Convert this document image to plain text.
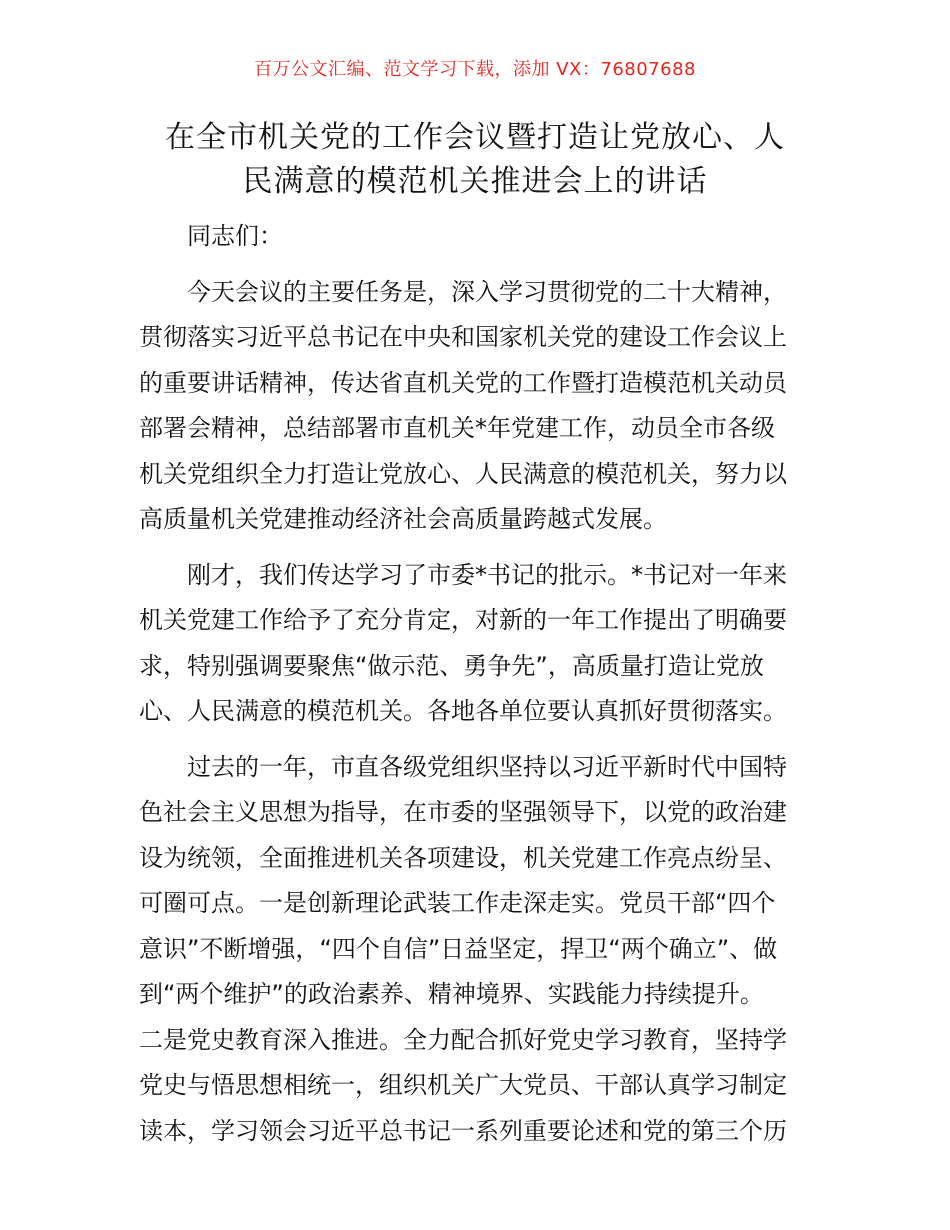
百万公文汇编、范文学习下载，添加 VX：76807688
在全市机关党的工作会议暨打造让党放心、人
民满意的模范机关推进会上的讲话

同志们：

今天会议的主要任务是，深入学习贯彻党的二十大精神，
贯彻落实习近平总书记在中央和国家机关党的建设工作会议上
的重要讲话精神，传达省直机关党的工作暨打造模范机关动员
部署会精神，总结部署市直机关*年党建工作，动员全市各级
机关党组织全力打造让党放心、人民满意的模范机关，努力以
高质量机关党建推动经济社会高质量跨越式发展。

刚才，我们传达学习了市委*书记的批示。*书记对一年来
机关党建工作给予了充分肯定，对新的一年工作提出了明确要
求，特别强调要聚焦“做示范、勇争先”，高质量打造让党放
心、人民满意的模范机关。各地各单位要认真抓好贯彻落实。

过去的一年，市直各级党组织坚持以习近平新时代中国特
色社会主义思想为指导，在市委的坚强领导下，以党的政治建
设为统领，全面推进机关各项建设，机关党建工作亮点纷呈、
可圈可点。一是创新理论武装工作走深走实。党员干部“四个
意识”不断增强，“四个自信”日益坚定，捍卫“两个确立”、做
到“两个维护”的政治素养、精神境界、实践能力持续提升。
二是党史教育深入推进。全力配合抓好党史学习教育，坚持学
党史与悟思想相统一，组织机关广大党员、干部认真学习制定
读本，学习领会习近平总书记一系列重要论述和党的第三个历
